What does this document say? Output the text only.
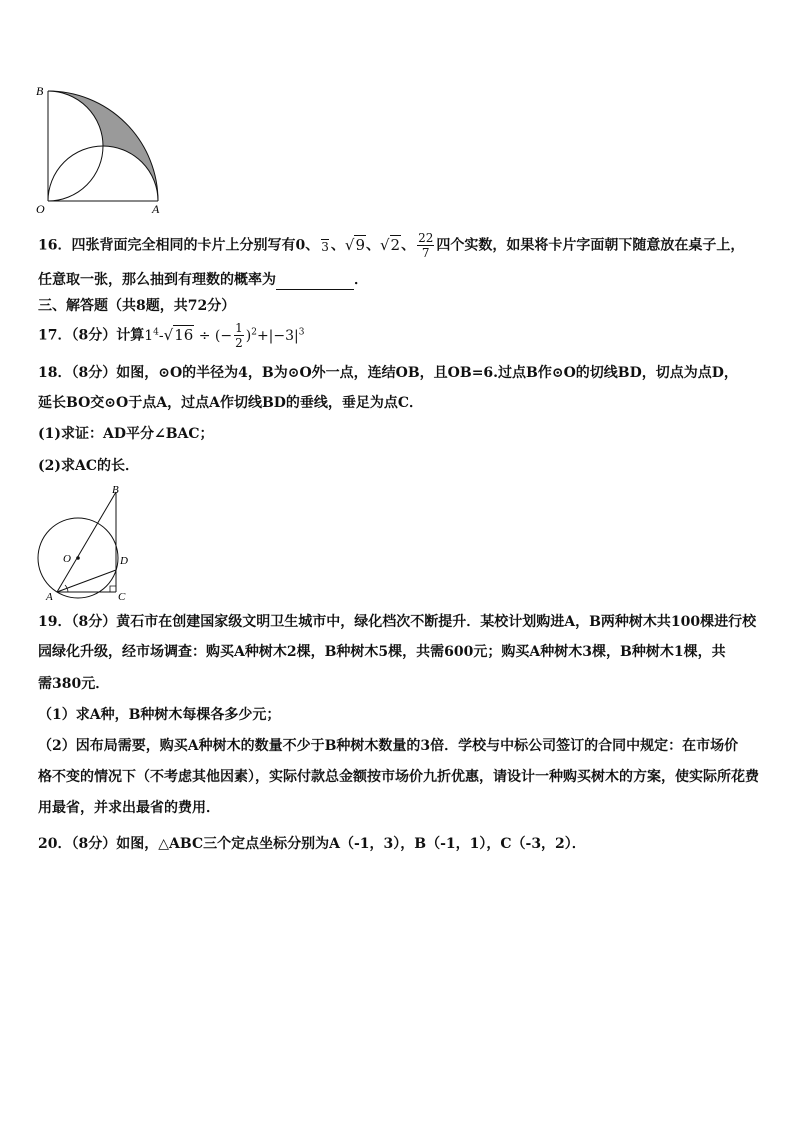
B
O	A
16．四张背面完全相同的卡片上分别写有0、 3 、√9、√2、 $\frac{22}{7}$ 四个实数，如果将卡片字面朝下随意放在桌子上，
任意取一张，那么抽到有理数的概率为	．
三、解答题（共8题，共72分）
17．（8分）计算$1^4-√16$ ÷ (− $\frac{1}{2} )^2+|-3|^3$
18．（8分）如图，⊙O的半径为4，B为⊙O外一点，连结OB，且OB=6.过点B作⊙O的切线BD，切点为点D，
延长BO交⊙O于点A，过点A作切线BD的垂线，垂足为点C．
(1)求证：AD平分∠BAC；
(2)求AC的长．
B
O	D
A	C
19．（8分）黄石市在创建国家级文明卫生城市中，绿化档次不断提升．某校计划购进A，B两种树木共100棵进行校
园绿化升级，经市场调查：购买A种树木2棵，B种树木5棵，共需600元；购买A种树木3棵，B种树木1棵，共
需380元．
（1）求A种，B种树木每棵各多少元；
（2）因布局需要，购买A种树木的数量不少于B种树木数量的3倍．学校与中标公司签订的合同中规定：在市场价
格不变的情况下（不考虑其他因素），实际付款总金额按市场价九折优惠，请设计一种购买树木的方案，使实际所花费
用最省，并求出最省的费用．
20．（8分）如图，△ABC三个定点坐标分别为A（-1，3），B（-1，1），C（-3，2）．
